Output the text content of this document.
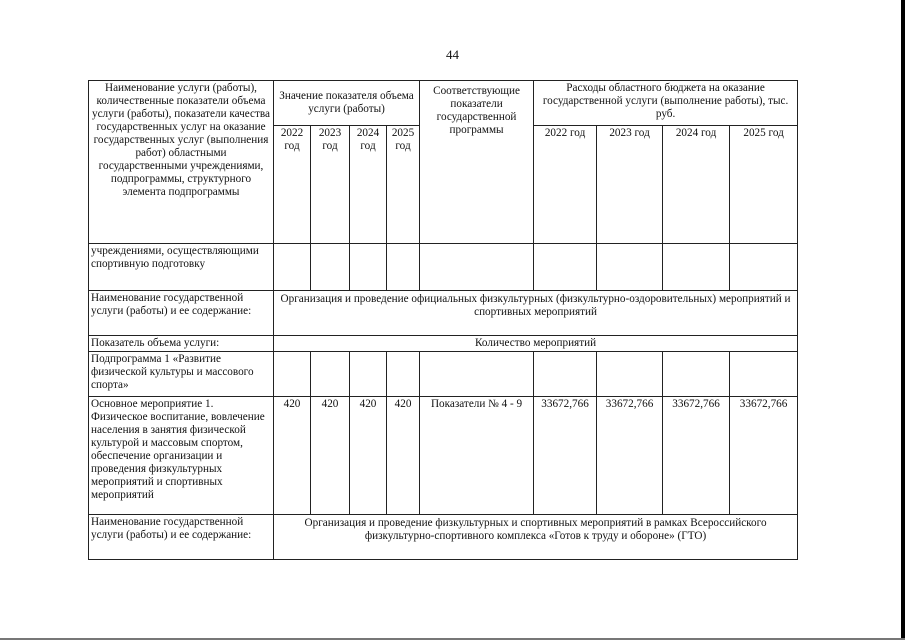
44
Наименование услуги (работы), количественные показатели объема услуги (работы), показатели качества государственных услуг на оказание государственных услуг (выполнения работ) областными государственными учреждениями, подпрограммы, структурного элемента подпрограммы	Значение показателя объема услуги (работы)				Соответствующие показатели государственной программы	Расходы областного бюджета на оказание государственной услуги (выполнение работы), тыс. руб.			
	2022 год	2023 год	2024 год	2025 год		2022 год	2023 год	2024 год	2025 год
учреждениями, осуществляющими спортивную подготовку									
Наименование государственной услуги (работы) и ее содержание:	Организация и проведение официальных физкультурных (физкультурно-оздоровительных) мероприятий и спортивных мероприятий								
Показатель объема услуги:	Количество мероприятий								
Подпрограмма 1 «Развитие физической культуры и массового спорта»									
Основное мероприятие 1. Физическое воспитание, вовлечение населения в занятия физической культурой и массовым спортом, обеспечение организации и проведения физкультурных мероприятий и спортивных мероприятий	420	420	420	420	Показатели № 4 - 9	33672,766	33672,766	33672,766	33672,766
Наименование государственной услуги (работы) и ее содержание:	Организация и проведение физкультурных и спортивных мероприятий в рамках Всероссийского физкультурно-спортивного комплекса «Готов к труду и обороне» (ГТО)								
